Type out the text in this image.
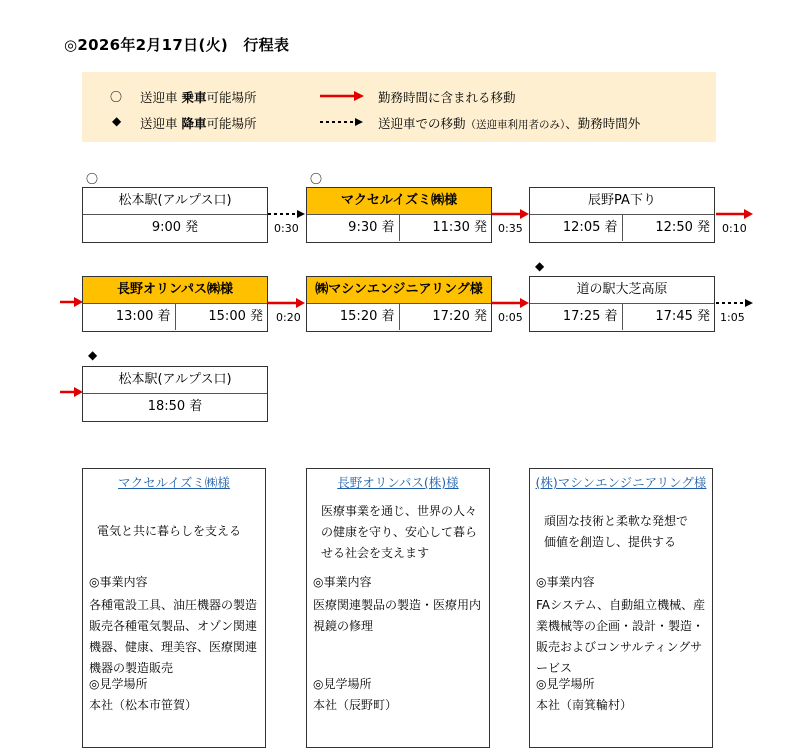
◎2026年2月17日(火)　行程表
〇 送迎車 乗車可能場所
◆ 送迎車 降車可能場所
勤務時間に含まれる移動
送迎車での移動（送迎車利用者のみ）、勤務時間外
〇
松本駅(アルプス口)
9:00 発	0:30
〇
マクセルイズミ㈱様
9:30 着	11:30 発	0:35
辰野PA下り
12:05 着	12:50 発	0:10
長野オリンパス㈱様
13:00 着	15:00 発	0:20
㈱マシンエンジニアリング様
15:20 着	17:20 発	0:05
◆
道の駅大芝高原
17:25 着	17:45 発 1:05
◆
松本駅(アルプス口)
18:50 着
マクセルイズミ㈱様
電気と共に暮らしを支える
◎事業内容
各種電設工具、油圧機器の製造販売各種電気製品、オゾン関連機器、健康、理美容、医療関連機器の製造販売
◎見学場所
本社（松本市笹賀）
長野オリンパス(株)様
医療事業を通じ、世界の人々の健康を守り、安心して暮らせる社会を支えます
◎事業内容
医療関連製品の製造・医療用内視鏡の修理
◎見学場所
本社（辰野町）
(株)マシンエンジニアリング様
頑固な技術と柔軟な発想で
価値を創造し、提供する
◎事業内容
FAシステム、自動組立機械、産業機械等の企画・設計・製造・販売およびコンサルティングサービス
◎見学場所
本社（南箕輪村）
